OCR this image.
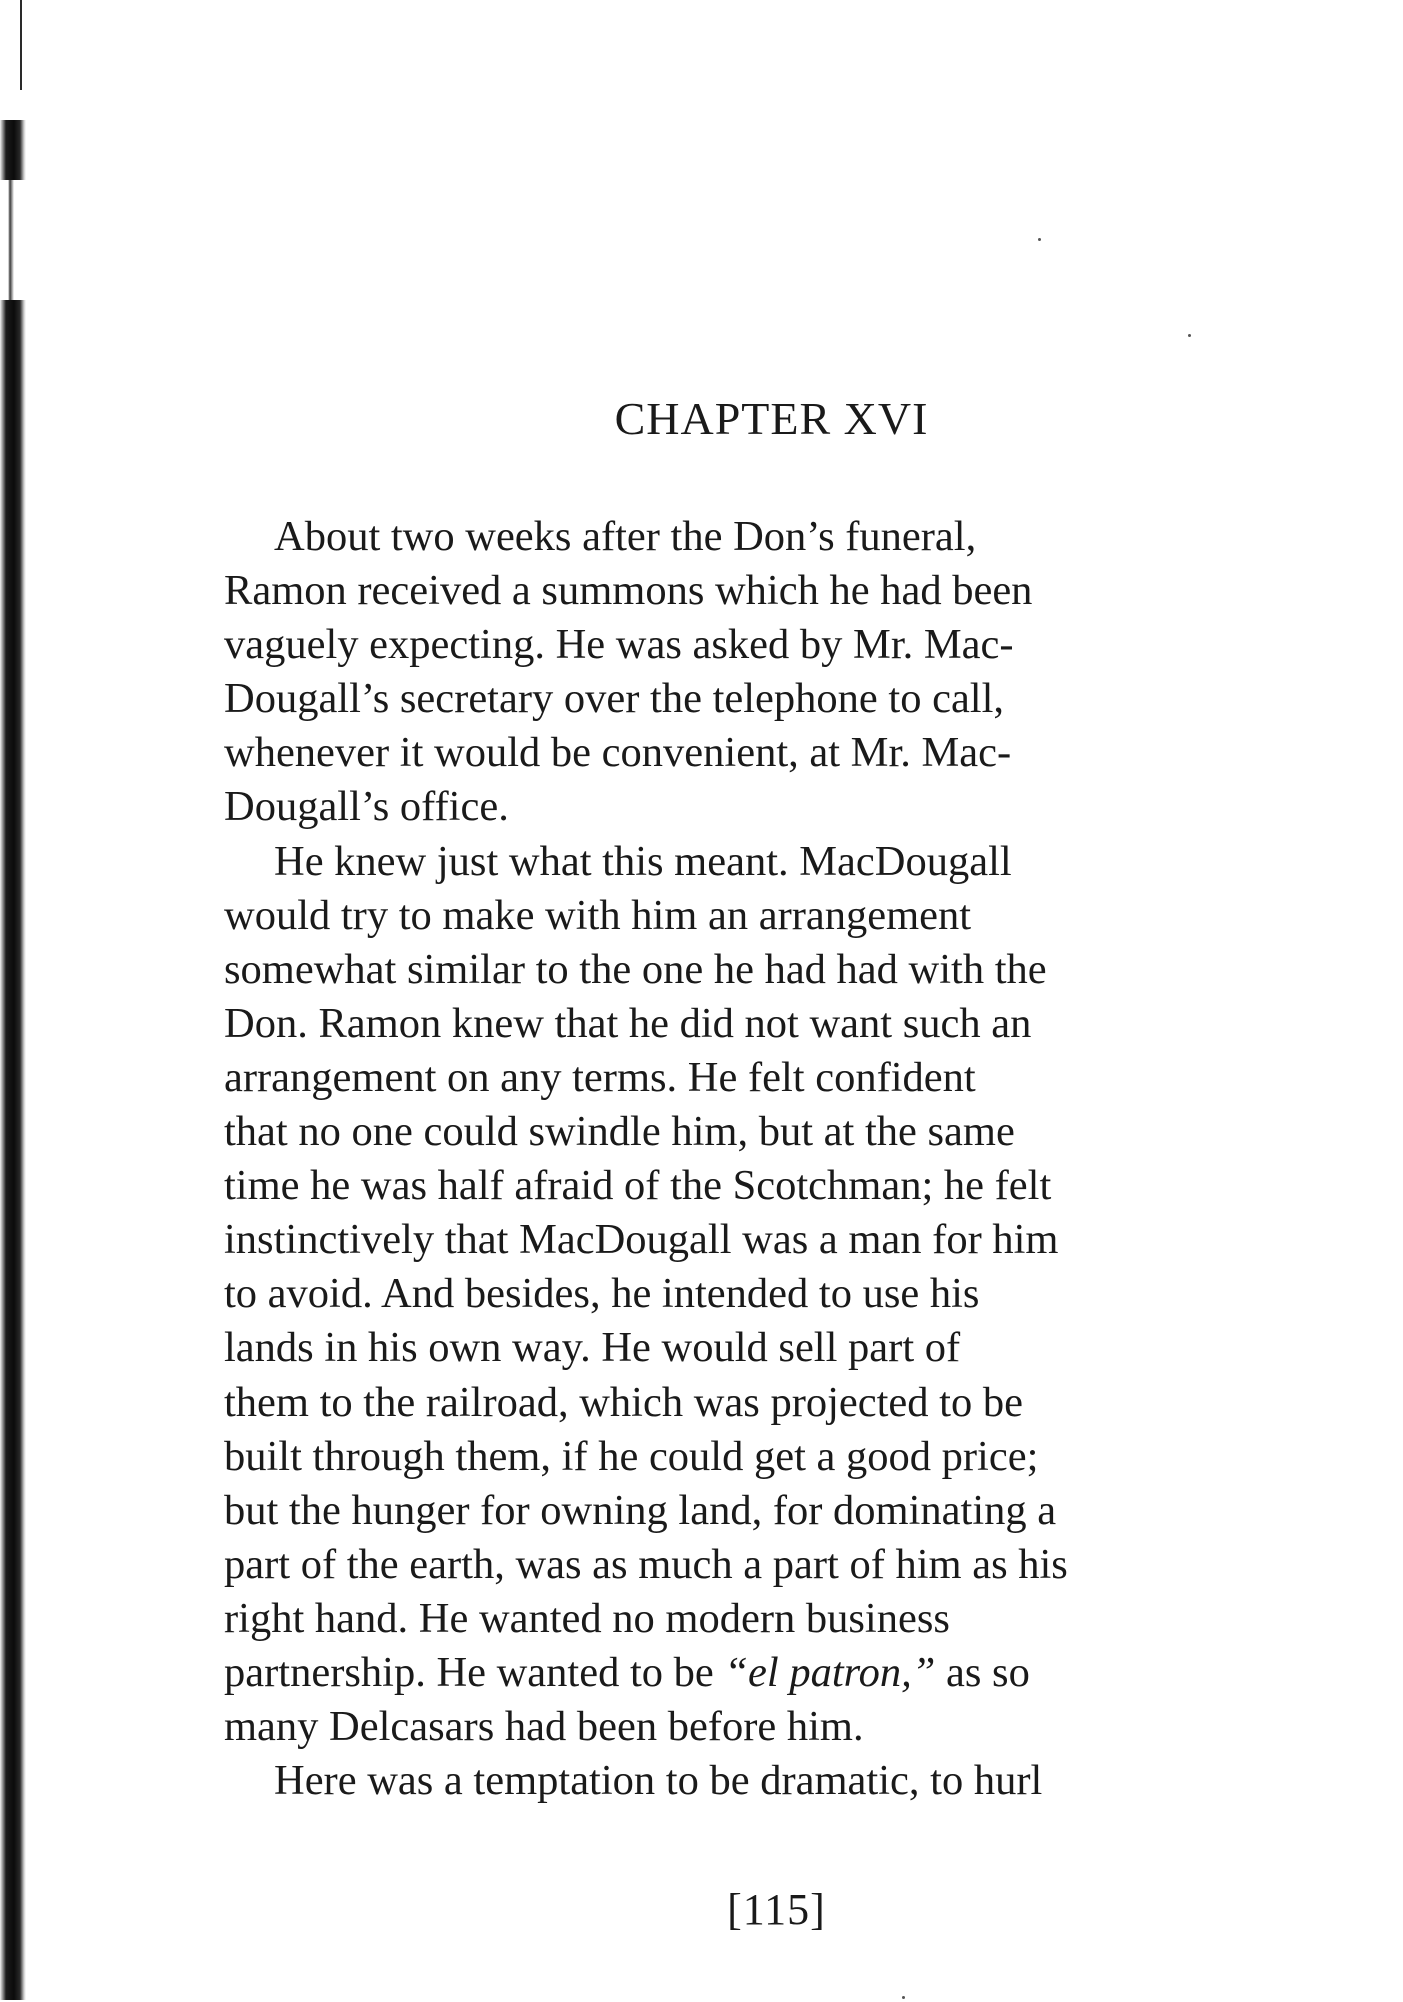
CHAPTER XVI

About two weeks after the Don’s funeral,
Ramon received a summons which he had been
vaguely expecting. He was asked by Mr. Mac-
Dougall’s secretary over the telephone to call,
whenever it would be convenient, at Mr. Mac-
Dougall’s office.

He knew just what this meant. MacDougall
would try to make with him an arrangement
somewhat similar to the one he had had with the
Don. Ramon knew that he did not want such an
arrangement on any terms. He felt confident
that no one could swindle him, but at the same
time he was half afraid of the Scotchman; he felt
instinctively that MacDougall was a man for him
to avoid. And besides, he intended to use his
lands in his own way. He would sell part of
them to the railroad, which was projected to be
built through them, if he could get a good price;
but the hunger for owning land, for dominating a
part of the earth, was as much a part of him as his
right hand. He wanted no modern business
partnership. He wanted to be “el patron,” as so
many Delcasars had been before him.

Here was a temptation to be dramatic, to hurl

[115]
